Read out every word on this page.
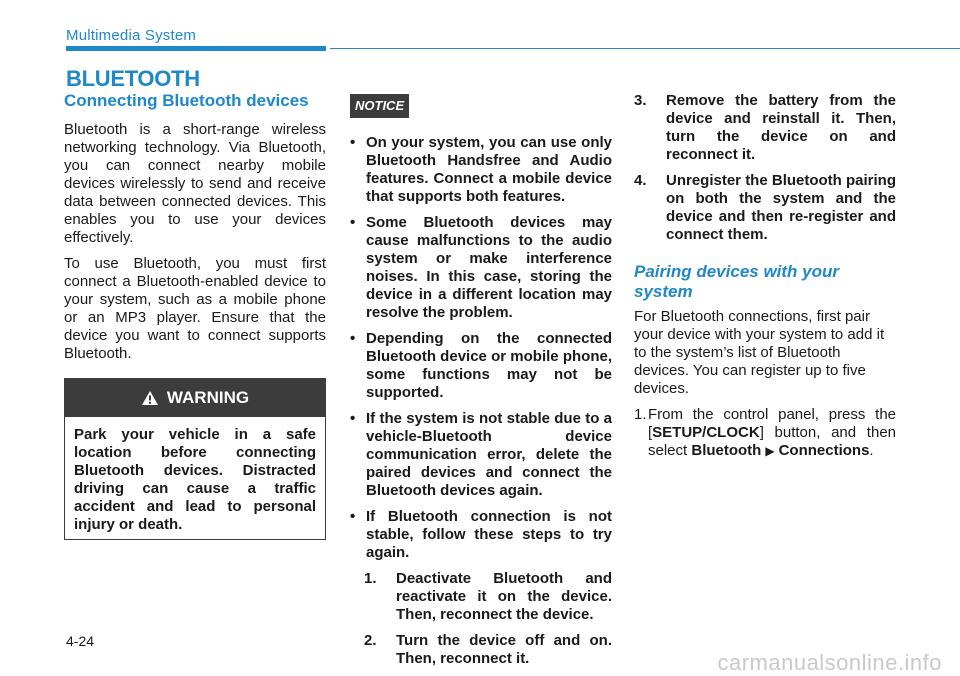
Multimedia System
BLUETOOTH
Connecting Bluetooth devices

Bluetooth is a short-range wireless networking technology. Via Bluetooth, you can connect nearby mobile devices wirelessly to send and receive data between connected devices. This enables you to use your devices effectively.

To use Bluetooth, you must first connect a Bluetooth-enabled device to your system, such as a mobile phone or an MP3 player. Ensure that the device you want to connect supports Bluetooth.

WARNING
Park your vehicle in a safe location before connecting Bluetooth devices. Distracted driving can cause a traffic accident and lead to personal injury or death.
NOTICE
• On your system, you can use only Bluetooth Handsfree and Audio features. Connect a mobile device that supports both features.
• Some Bluetooth devices may cause malfunctions to the audio system or make interference noises. In this case, storing the device in a different location may resolve the problem.
• Depending on the connected Bluetooth device or mobile phone, some functions may not be supported.
• If the system is not stable due to a vehicle-Bluetooth device communication error, delete the paired devices and connect the Bluetooth devices again.
• If Bluetooth connection is not stable, follow these steps to try again.
1. Deactivate Bluetooth and reactivate it on the device. Then, reconnect the device.
2. Turn the device off and on. Then, reconnect it.
3. Remove the battery from the device and reinstall it. Then, turn the device on and reconnect it.
4. Unregister the Bluetooth pairing on both the system and the device and then re-register and connect them.
Pairing devices with your system

For Bluetooth connections, first pair your device with your system to add it to the system’s list of Bluetooth devices. You can register up to five devices.

1. From the control panel, press the [SETUP/CLOCK] button, and then select Bluetooth ▶ Connections.

4-24
carmanualsonline.info
